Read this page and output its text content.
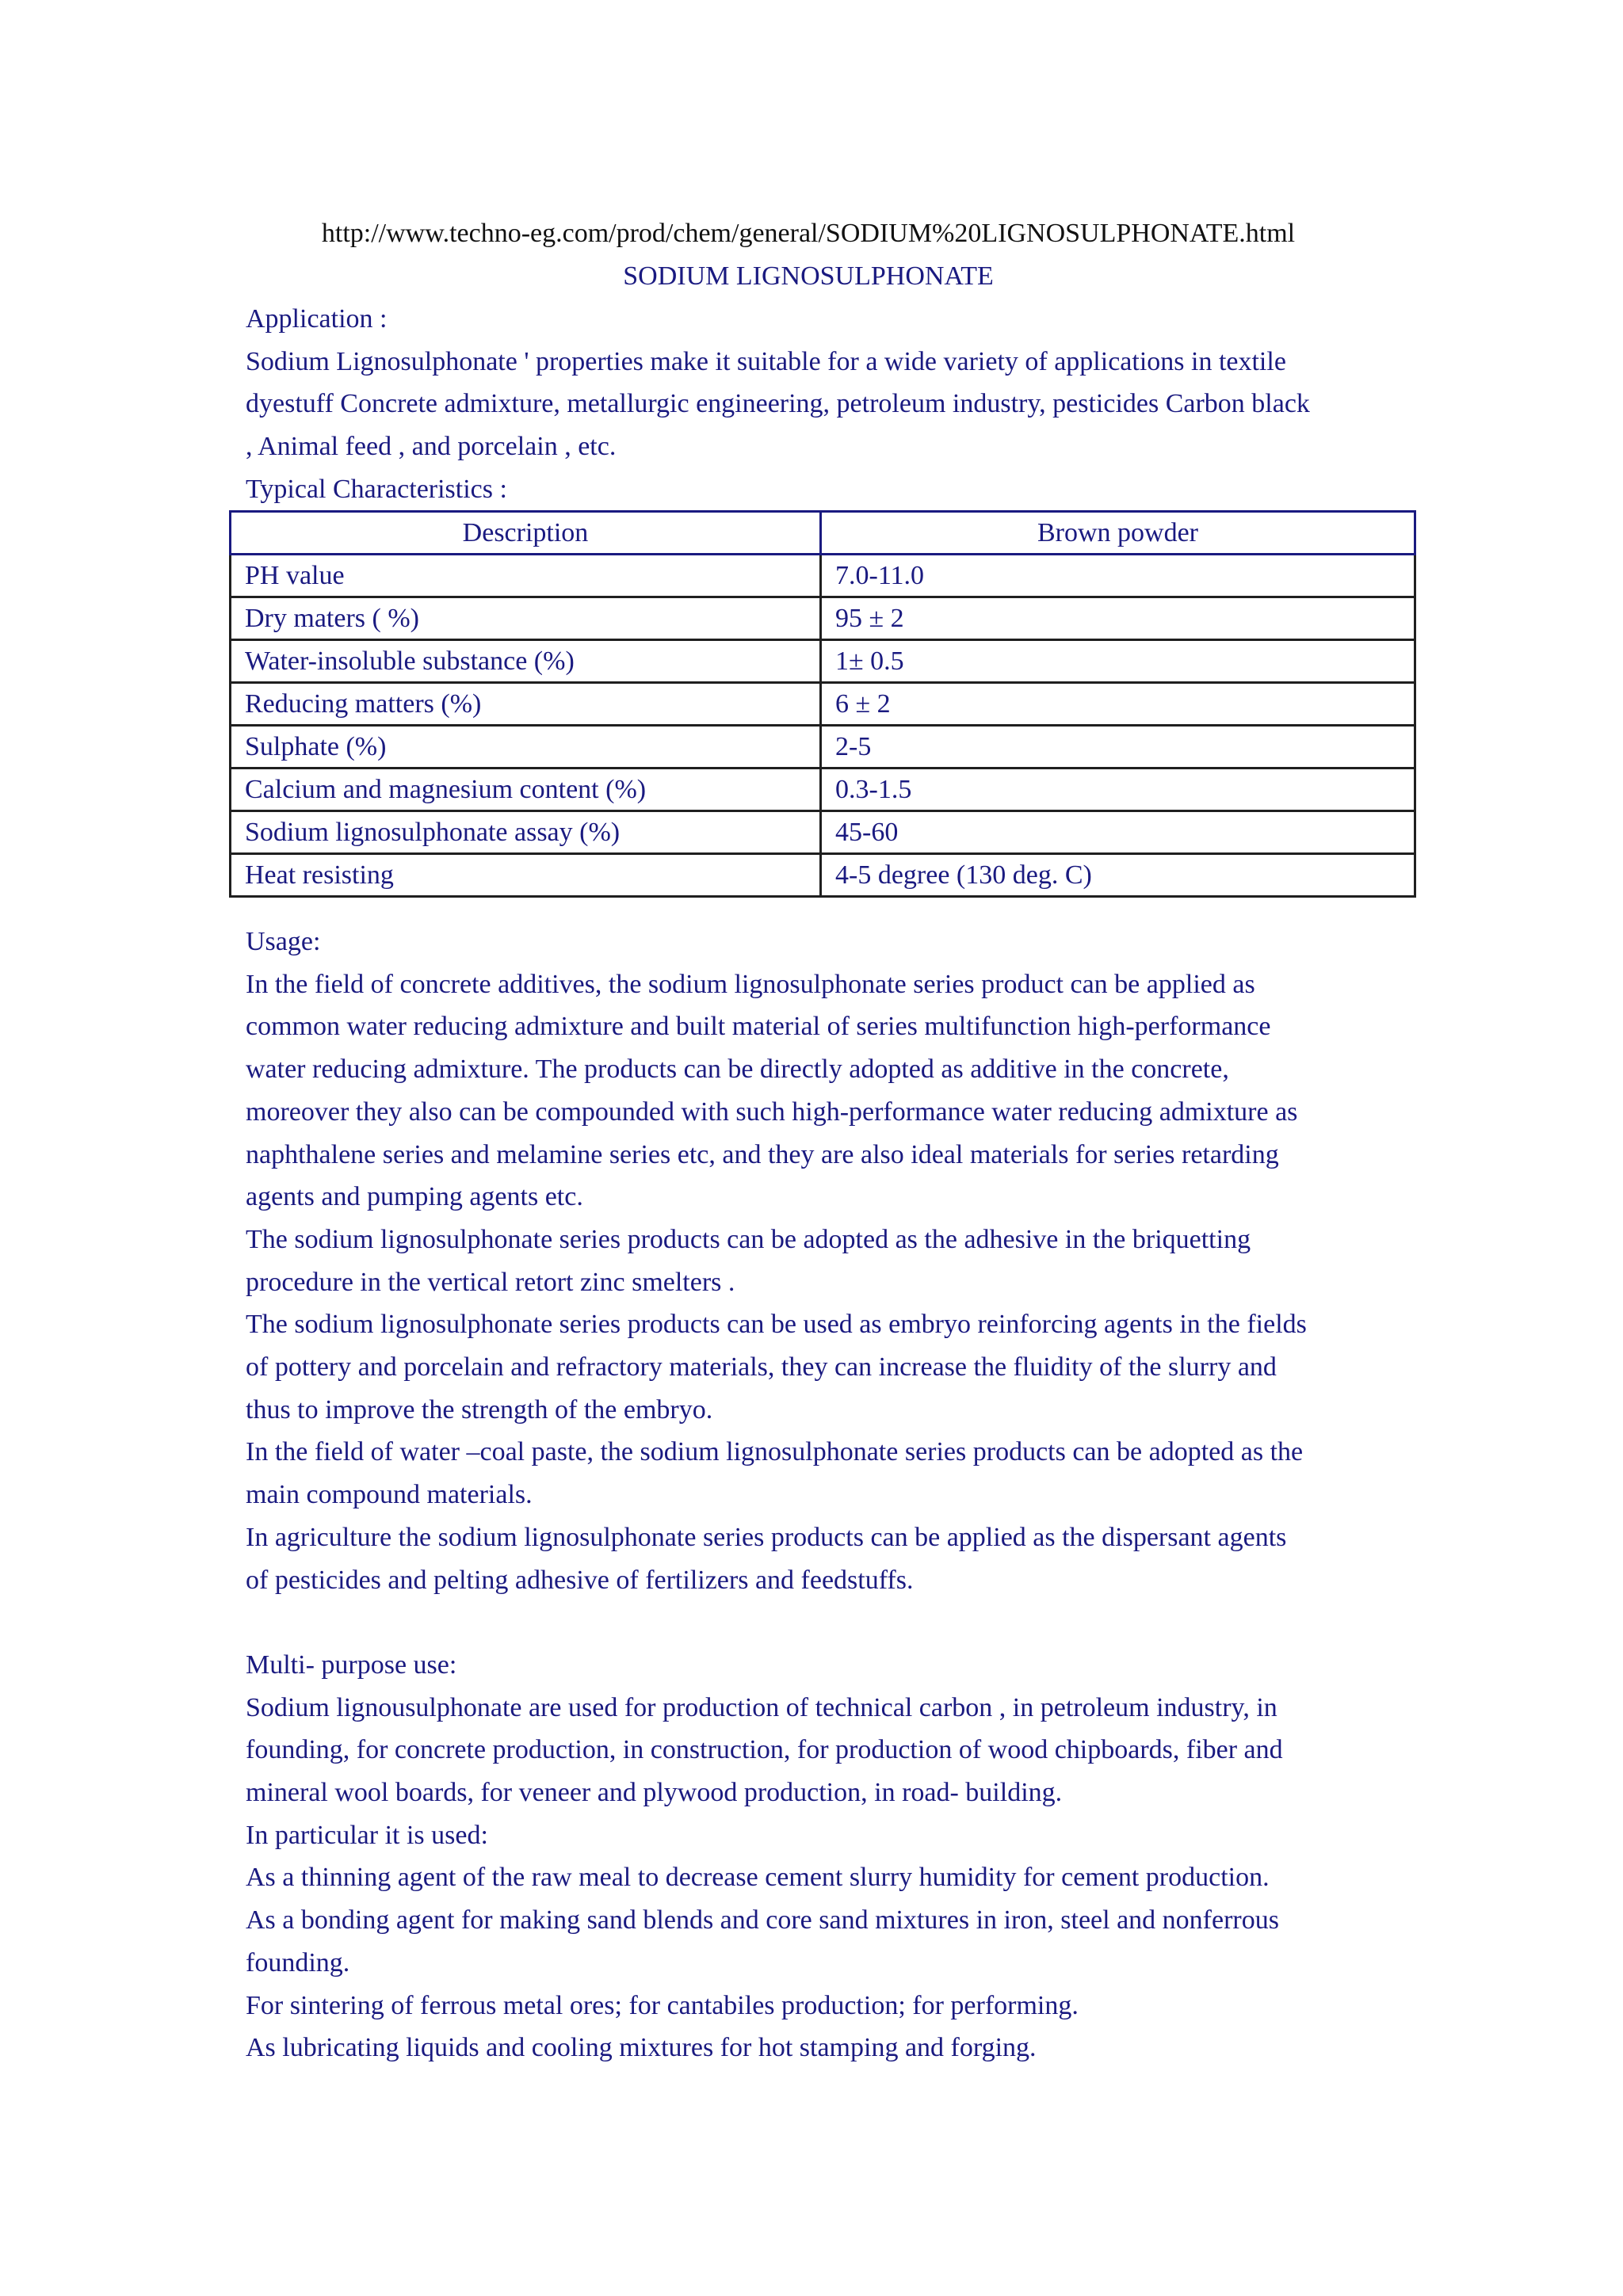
http://www.techno-eg.com/prod/chem/general/SODIUM%20LIGNOSULPHONATE.html
SODIUM LIGNOSULPHONATE

Application :

Sodium Lignosulphonate ' properties make it suitable for a wide variety of applications in textile

dyestuff Concrete admixture, metallurgic engineering, petroleum industry, pesticides Carbon black

, Animal feed , and porcelain , etc.

Typical Characteristics :

Description	Brown powder
PH value	7.0-11.0
Dry maters ( %)	95 ± 2
Water-insoluble substance (%)	1± 0.5
Reducing matters (%)	6 ± 2
Sulphate (%)	2-5
Calcium and magnesium content (%)	0.3-1.5
Sodium lignosulphonate assay (%)	45-60
Heat resisting	4-5 degree (130 deg. C)

Usage:

In the field of concrete additives, the sodium lignosulphonate series product can be applied as

common water reducing admixture and built material of series multifunction high-performance

water reducing admixture. The products can be directly adopted as additive in the concrete,

moreover they also can be compounded with such high-performance water reducing admixture as

naphthalene series and melamine series etc, and they are also ideal materials for series retarding

agents and pumping agents etc.

The sodium lignosulphonate series products can be adopted as the adhesive in the briquetting

procedure in the vertical retort zinc smelters .

The sodium lignosulphonate series products can be used as embryo reinforcing agents in the fields

of pottery and porcelain and refractory materials, they can increase the fluidity of the slurry and

thus to improve the strength of the embryo.

In the field of water –coal paste, the sodium lignosulphonate series products can be adopted as the

main compound materials.

In agriculture the sodium lignosulphonate series products can be applied as the dispersant agents

of pesticides and pelting adhesive of fertilizers and feedstuffs.

Multi- purpose use:

Sodium lignousulphonate are used for production of technical carbon , in petroleum industry, in

founding, for concrete production, in construction, for production of wood chipboards, fiber and

mineral wool boards, for veneer and plywood production, in road- building.

In particular it is used:

As a thinning agent of the raw meal to decrease cement slurry humidity for cement production.

As a bonding agent for making sand blends and core sand mixtures in iron, steel and nonferrous

founding.

For sintering of ferrous metal ores; for cantabiles production; for performing.

As lubricating liquids and cooling mixtures for hot stamping and forging.
